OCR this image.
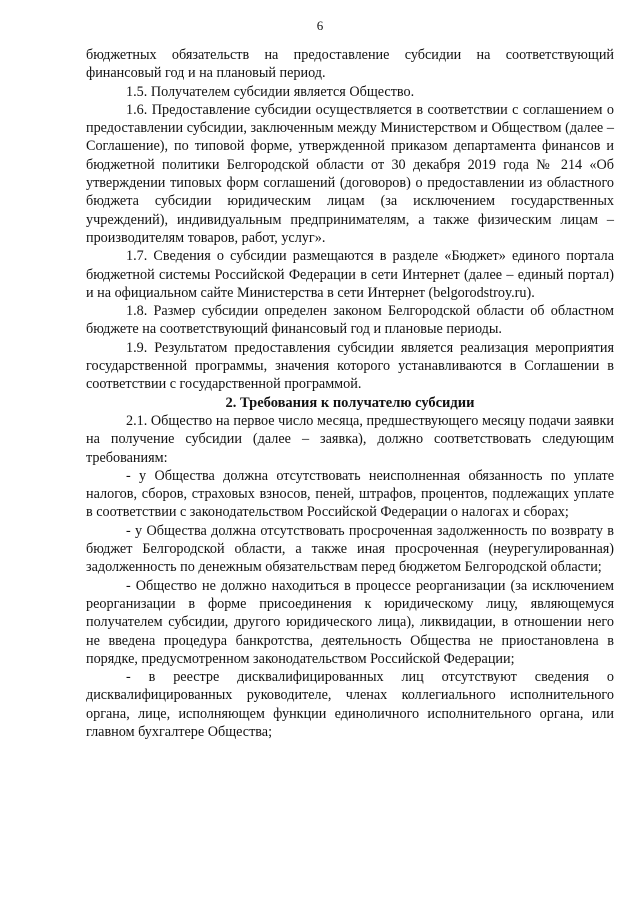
6

бюджетных обязательств на предоставление субсидии на соответствующий финансовый год и на плановый период.

1.5. Получателем субсидии является Общество.

1.6. Предоставление субсидии осуществляется в соответствии с соглашением о предоставлении субсидии, заключенным между Министерством и Обществом (далее – Соглашение), по типовой форме, утвержденной приказом департамента финансов и бюджетной политики Белгородской области от 30 декабря 2019 года № 214 «Об утверждении типовых форм соглашений (договоров) о предоставлении из областного бюджета субсидии юридическим лицам (за исключением государственных учреждений), индивидуальным предпринимателям, а также физическим лицам – производителям товаров, работ, услуг».

1.7. Сведения о субсидии размещаются в разделе «Бюджет» единого портала бюджетной системы Российской Федерации в сети Интернет (далее – единый портал) и на официальном сайте Министерства в сети Интернет (belgorodstroy.ru).

1.8. Размер субсидии определен законом Белгородской области об областном бюджете на соответствующий финансовый год и плановые периоды.

1.9. Результатом предоставления субсидии является реализация мероприятия государственной программы, значения которого устанавливаются в Соглашении в соответствии с государственной программой.

2. Требования к получателю субсидии

2.1. Общество на первое число месяца, предшествующего месяцу подачи заявки на получение субсидии (далее – заявка), должно соответствовать следующим требованиям:

- у Общества должна отсутствовать неисполненная обязанность по уплате налогов, сборов, страховых взносов, пеней, штрафов, процентов, подлежащих уплате в соответствии с законодательством Российской Федерации о налогах и сборах;

- у Общества должна отсутствовать просроченная задолженность по возврату в бюджет Белгородской области, а также иная просроченная (неурегулированная) задолженность по денежным обязательствам перед бюджетом Белгородской области;

- Общество не должно находиться в процессе реорганизации (за исключением реорганизации в форме присоединения к юридическому лицу, являющемуся получателем субсидии, другого юридического лица), ликвидации, в отношении него не введена процедура банкротства, деятельность Общества не приостановлена в порядке, предусмотренном законодательством Российской Федерации;

- в реестре дисквалифицированных лиц отсутствуют сведения о дисквалифицированных руководителе, членах коллегиального исполнительного органа, лице, исполняющем функции единоличного исполнительного органа, или главном бухгалтере Общества;
